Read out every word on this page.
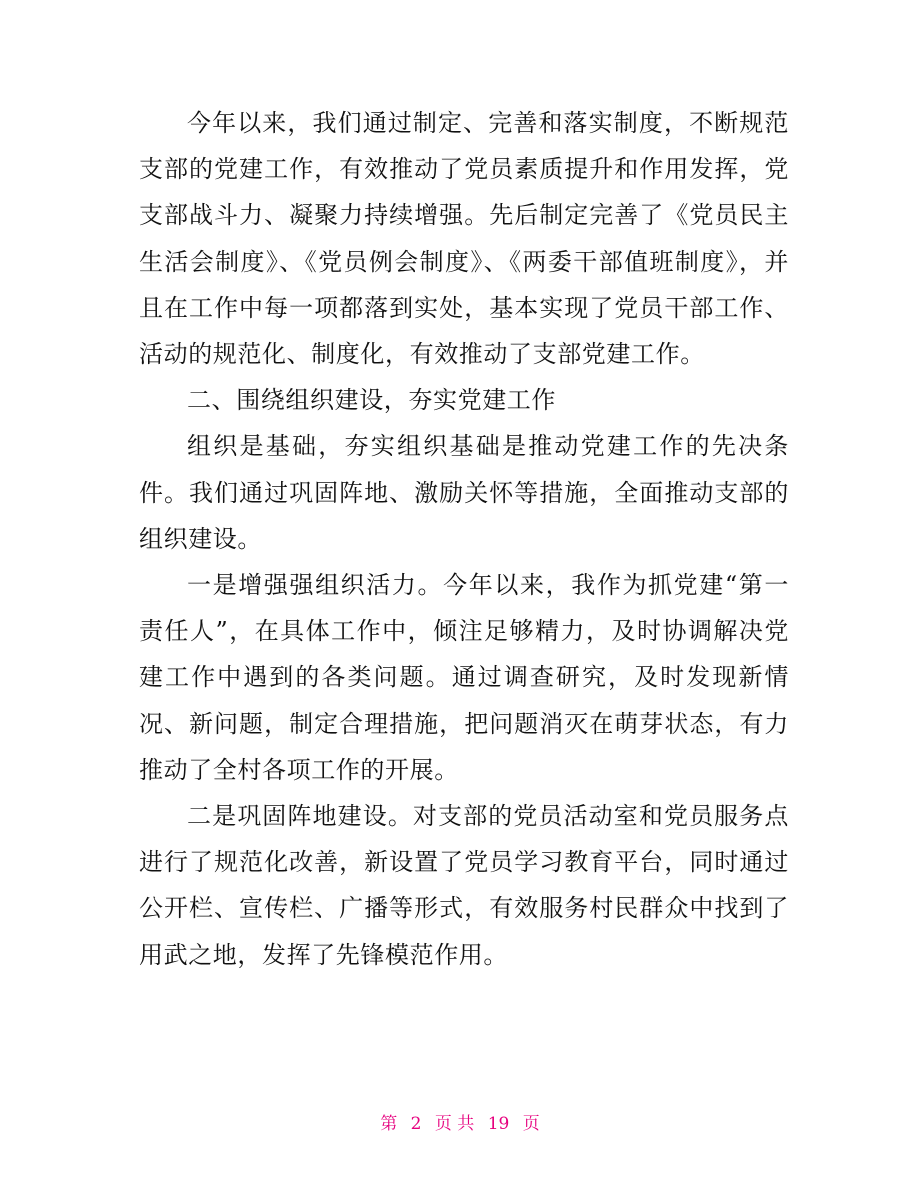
今年以来，我们通过制定、完善和落实制度，不断规范支部的党建工作，有效推动了党员素质提升和作用发挥，党支部战斗力、凝聚力持续增强。先后制定完善了《党员民主生活会制度》、《党员例会制度》、《两委干部值班制度》，并且在工作中每一项都落到实处，基本实现了党员干部工作、活动的规范化、制度化，有效推动了支部党建工作。

二、围绕组织建设，夯实党建工作

组织是基础，夯实组织基础是推动党建工作的先决条件。我们通过巩固阵地、激励关怀等措施，全面推动支部的组织建设。

一是增强强组织活力。今年以来，我作为抓党建“第一责任人”，在具体工作中，倾注足够精力，及时协调解决党建工作中遇到的各类问题。通过调查研究，及时发现新情况、新问题，制定合理措施，把问题消灭在萌芽状态，有力推动了全村各项工作的开展。

二是巩固阵地建设。对支部的党员活动室和党员服务点进行了规范化改善，新设置了党员学习教育平台，同时通过公开栏、宣传栏、广播等形式，有效服务村民群众中找到了用武之地，发挥了先锋模范作用。

第 2 页 共 19 页
